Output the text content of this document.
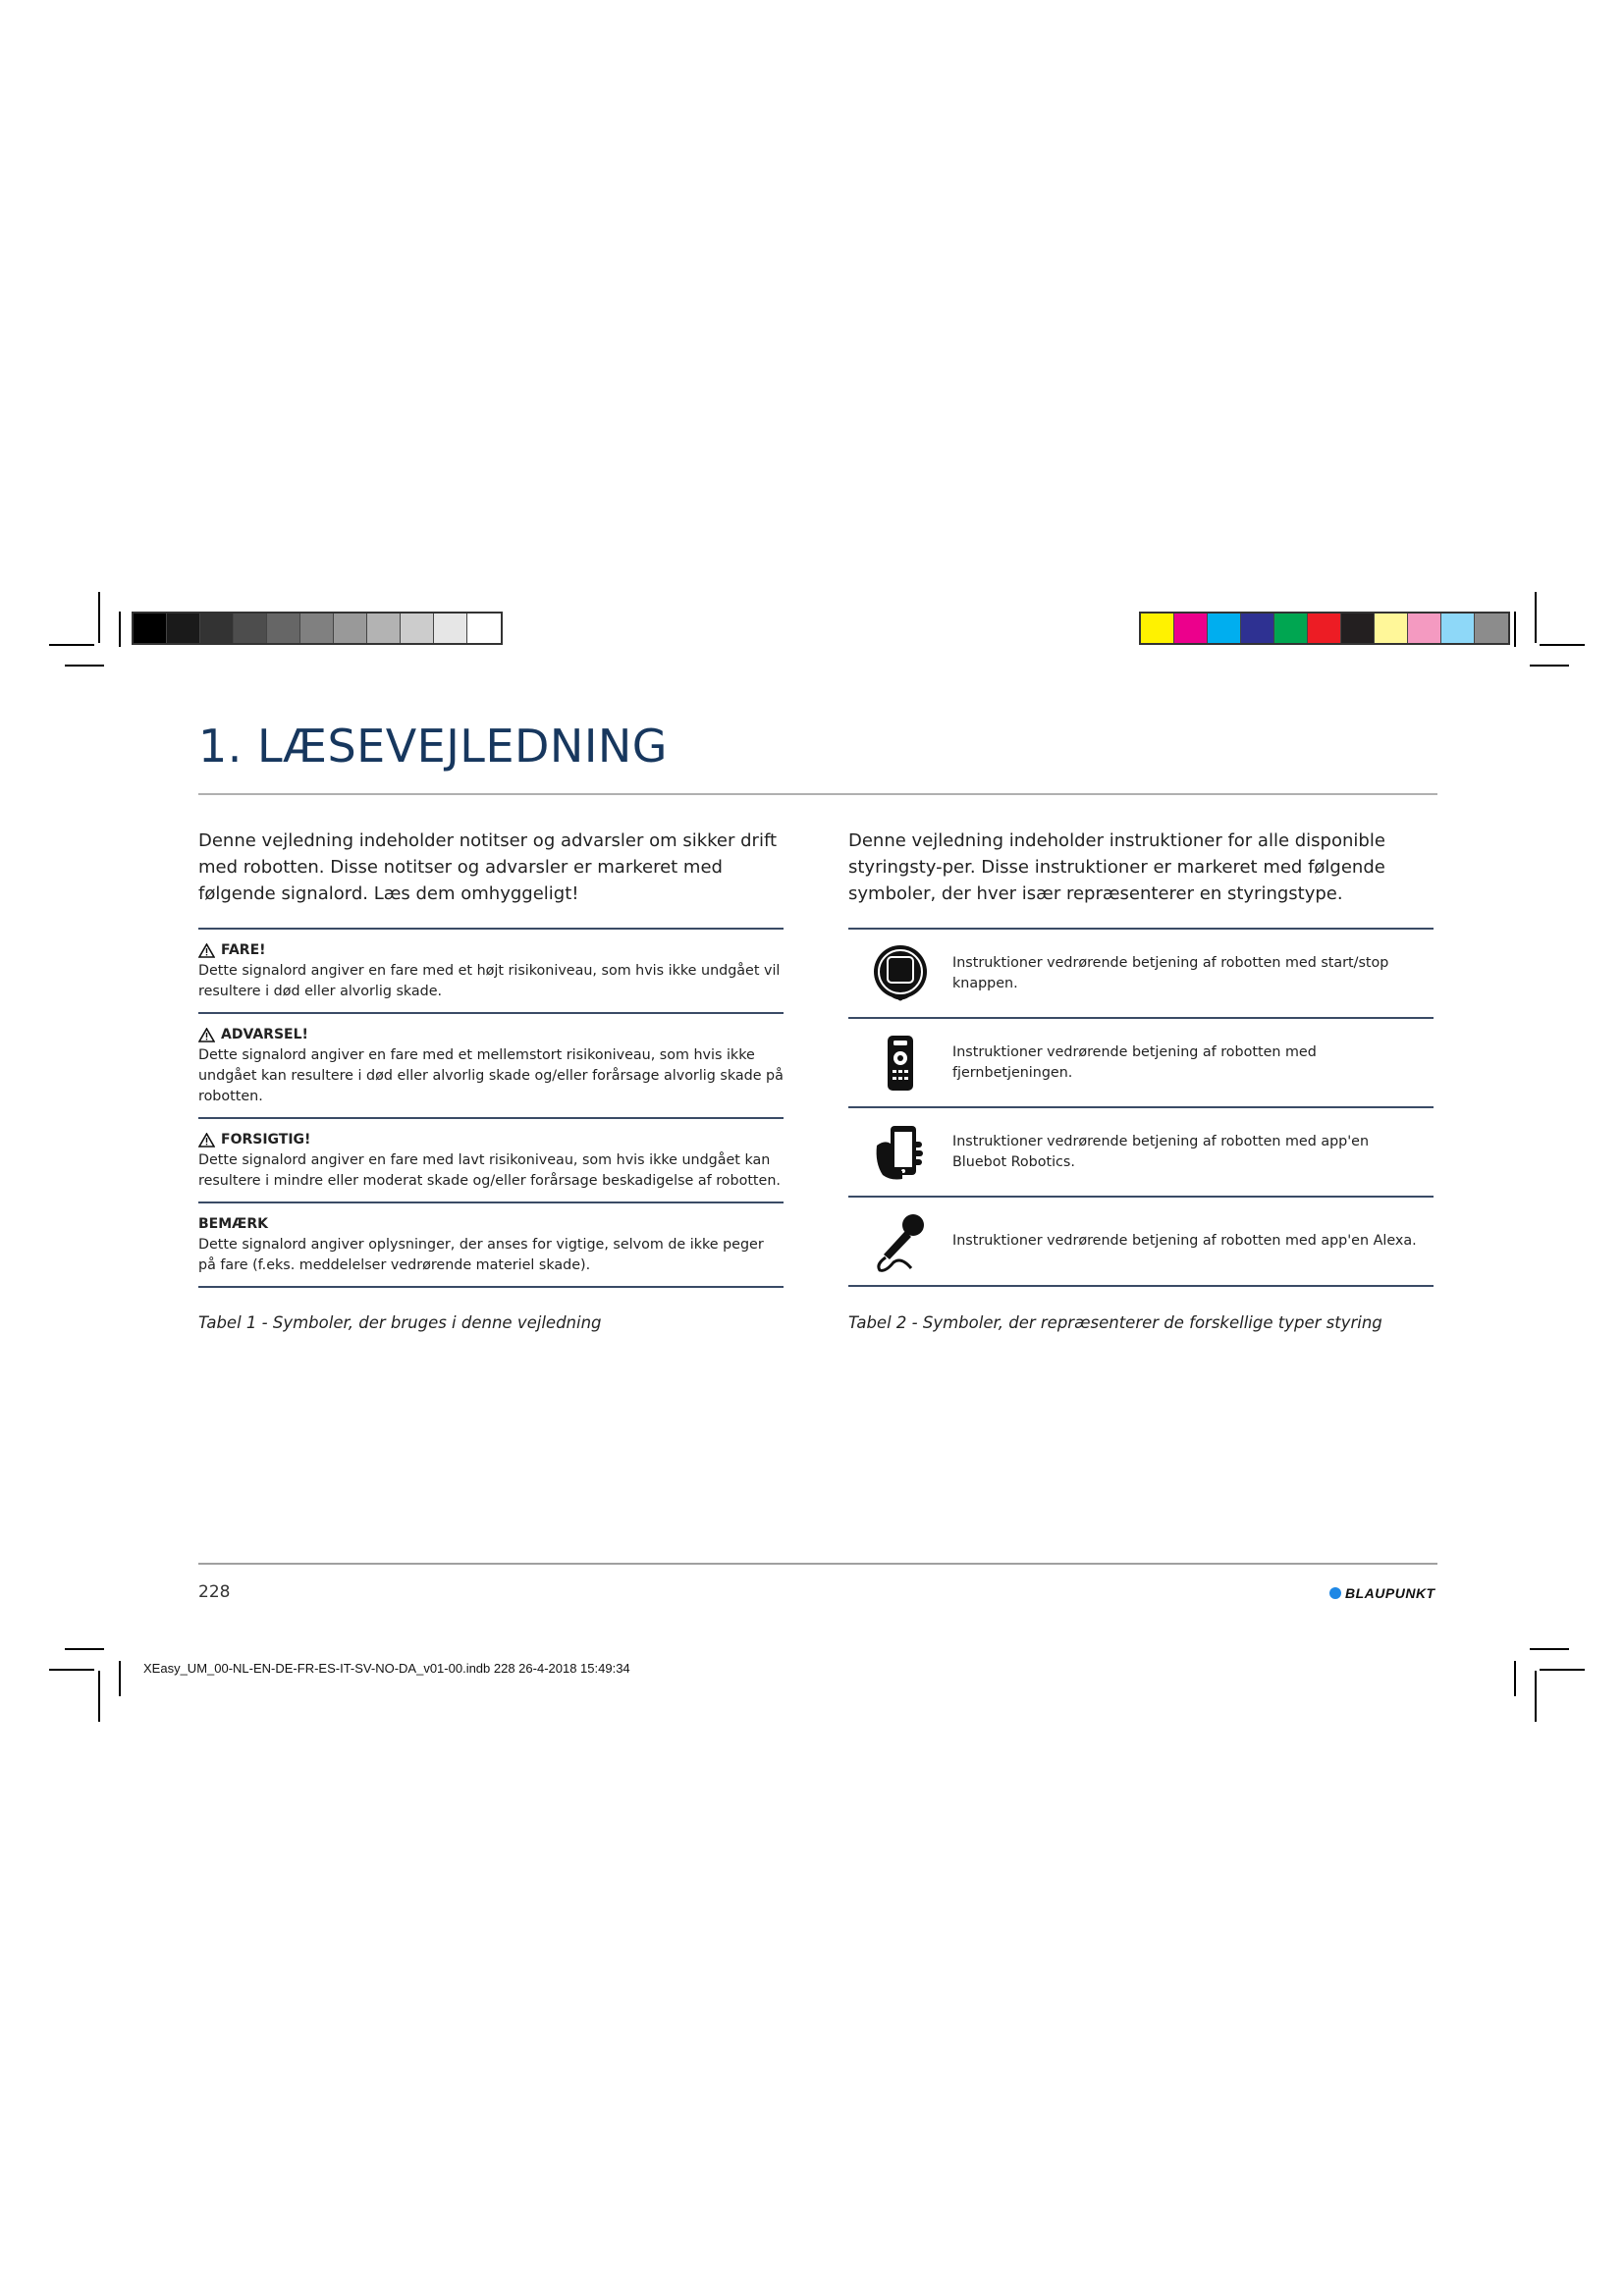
1. LÆSEVEJLEDNING
Denne vejledning indeholder notitser og advarsler om sikker drift med robotten. Disse notitser og advarsler er markeret med følgende signalord. Læs dem omhyggeligt!
Denne vejledning indeholder instruktioner for alle disponible styringsty-per. Disse instruktioner er markeret med følgende symboler, der hver især repræsenterer en styringstype.
FARE!
Dette signalord angiver en fare med et højt risikoniveau, som hvis ikke undgået vil resultere i død eller alvorlig skade.
ADVARSEL!
Dette signalord angiver en fare med et mellemstort risikoniveau, som hvis ikke undgået kan resultere i død eller alvorlig skade og/eller forårsage alvorlig skade på robotten.
FORSIGTIG!
Dette signalord angiver en fare med lavt risikoniveau, som hvis ikke undgået kan resultere i mindre eller moderat skade og/eller forårsage beskadigelse af robotten.
BEMÆRK
Dette signalord angiver oplysninger, der anses for vigtige, selvom de ikke peger på fare (f.eks. meddelelser vedrørende materiel skade).
Instruktioner vedrørende betjening af robotten med start/stop knappen.
Instruktioner vedrørende betjening af robotten med fjernbetjeningen.
Instruktioner vedrørende betjening af robotten med app'en Bluebot Robotics.
Instruktioner vedrørende betjening af robotten med app'en Alexa.
Tabel 1 - Symboler, der bruges i denne vejledning	Tabel 2 - Symboler, der repræsenterer de forskellige typer styring
228	BLAUPUNKT
XEasy_UM_00-NL-EN-DE-FR-ES-IT-SV-NO-DA_v01-00.indb 228 26-4-2018 15:49:34
